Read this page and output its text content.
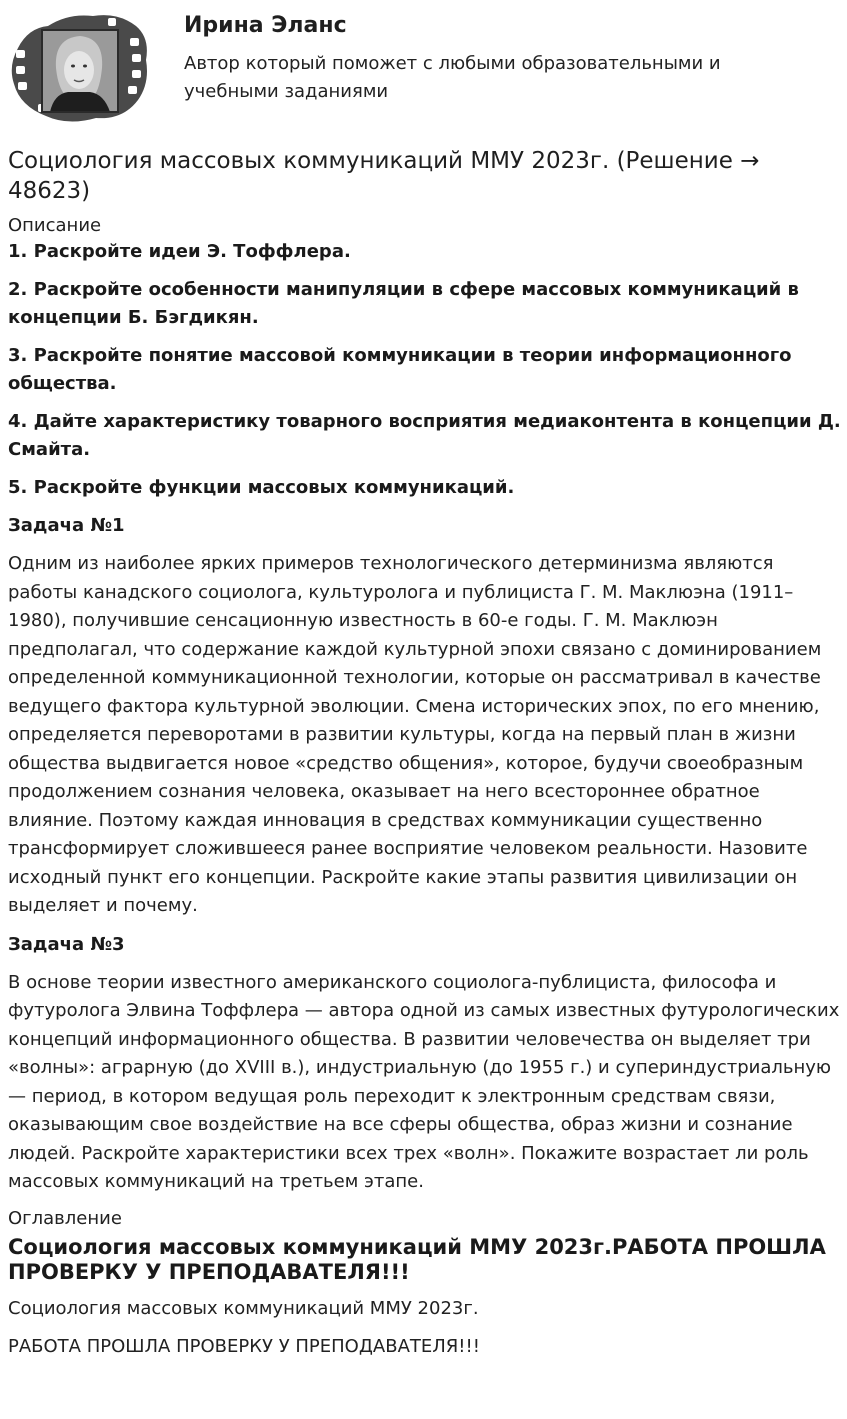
Ирина Эланс
Автор который поможет с любыми образовательными и учебными заданиями
Социология массовых коммуникаций ММУ 2023г. (Решение → 48623)

Описание

1. Раскройте идеи Э. Тоффлера.

2. Раскройте особенности манипуляции в сфере массовых коммуникаций в концепции Б. Бэгдикян.

3. Раскройте понятие массовой коммуникации в теории информационного общества.

4. Дайте характеристику товарного восприятия медиаконтента в концепции Д. Смайта.

5. Раскройте функции массовых коммуникаций.

Задача №1

Одним из наиболее ярких примеров технологического детерминизма являются работы канадского социолога, культуролога и публициста Г. М. Маклюэна (1911–1980), получившие сенсационную известность в 60-е годы. Г. М. Маклюэн предполагал, что содержание каждой культурной эпохи связано с доминированием определенной коммуникационной технологии, которые он рассматривал в качестве ведущего фактора культурной эволюции. Смена исторических эпох, по его мнению, определяется переворотами в развитии культуры, когда на первый план в жизни общества выдвигается новое «средство общения», которое, будучи своеобразным продолжением сознания человека, оказывает на него всестороннее обратное влияние. Поэтому каждая инновация в средствах коммуникации существенно трансформирует сложившееся ранее восприятие человеком реальности. Назовите исходный пункт его концепции. Раскройте какие этапы развития цивилизации он выделяет и почему.

Задача №3

В основе теории известного американского социолога-публициста, философа и футуролога Элвина Тоффлера — автора одной из самых известных футурологических концепций информационного общества. В развитии человечества он выделяет три «волны»: аграрную (до XVIII в.), индустриальную (до 1955 г.) и супериндустриальную — период, в котором ведущая роль переходит к электронным средствам связи, оказывающим свое воздействие на все сферы общества, образ жизни и сознание людей. Раскройте характеристики всех трех «волн». Покажите возрастает ли роль массовых коммуникаций на третьем этапе.

Оглавление

Социология массовых коммуникаций ММУ 2023г.РАБОТА ПРОШЛА ПРОВЕРКУ У ПРЕПОДАВАТЕЛЯ!!!

Социология массовых коммуникаций ММУ 2023г.

РАБОТА ПРОШЛА ПРОВЕРКУ У ПРЕПОДАВАТЕЛЯ!!!
